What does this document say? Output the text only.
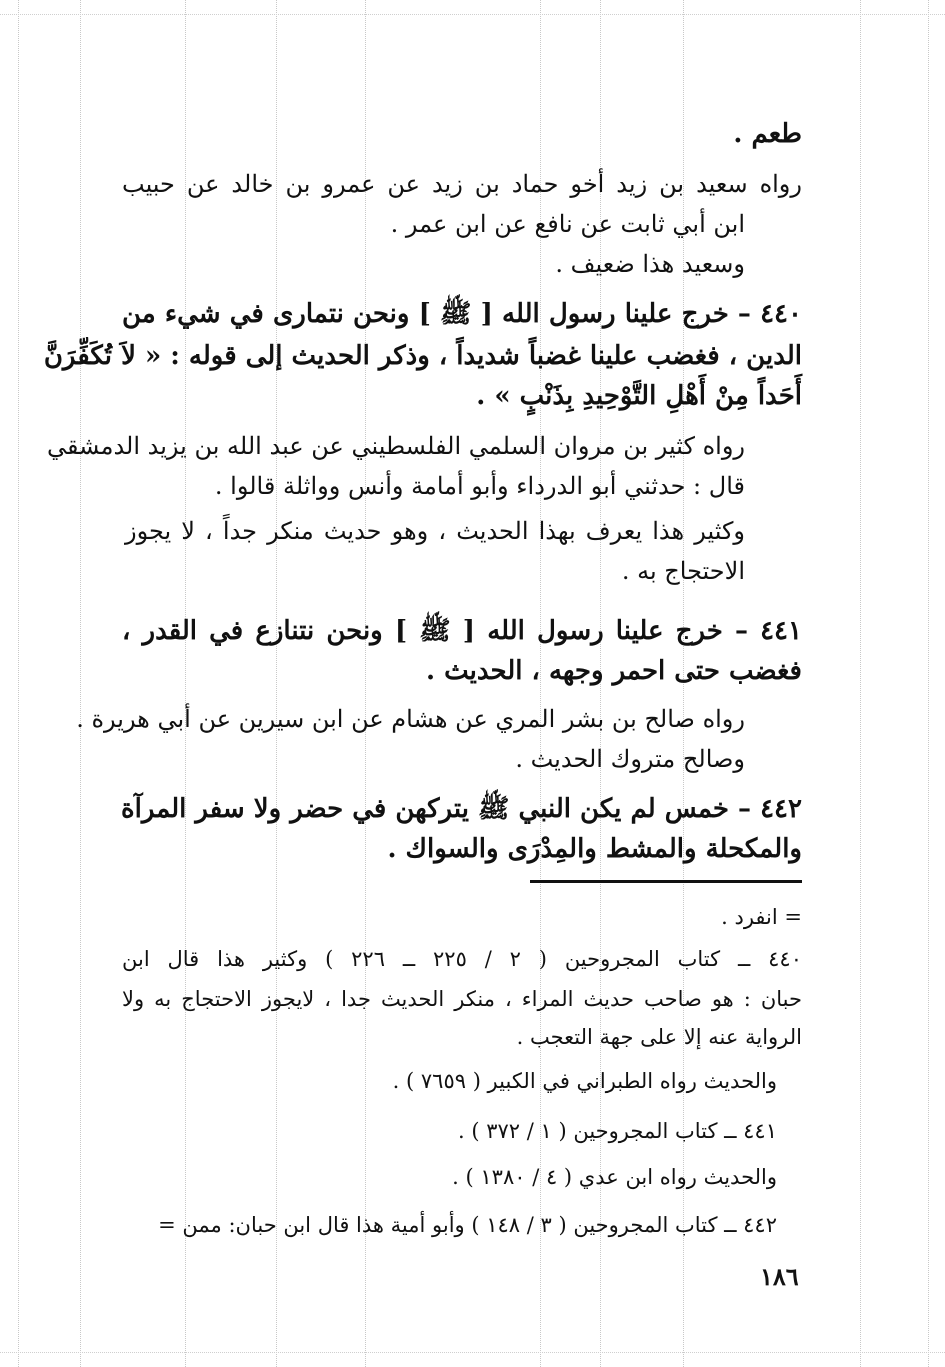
طعم .
رواه سعيد بن زيد أخو حماد بن زيد عن عمرو بن خالد عن حبيب
ابن أبي ثابت عن نافع عن ابن عمر .
وسعيد هذا ضعيف .
٤٤٠ – خرج علينا رسول الله [ ﷺ ] ونحن نتمارى في شيء من
الدين ، فغضب علينا غضباً شديداً ، وذكر الحديث إلى قوله : « لاَ تُكَفِّرَنَّ
أَحَداً مِنْ أَهْلِ التَّوْحِيدِ بِذَنْبٍ » .
رواه كثير بن مروان السلمي الفلسطيني عن عبد الله بن يزيد الدمشقي
قال : حدثني أبو الدرداء وأبو أمامة وأنس وواثلة قالوا .
وكثير هذا يعرف بهذا الحديث ، وهو حديث منكر جداً ، لا يجوز
الاحتجاج به .
٤٤١ – خرج علينا رسول الله [ ﷺ ] ونحن نتنازع في القدر ،
فغضب حتى احمر وجهه ، الحديث .
رواه صالح بن بشر المري عن هشام عن ابن سيرين عن أبي هريرة .
وصالح متروك الحديث .
٤٤٢ – خمس لم يكن النبي ﷺ يتركهن في حضر ولا سفر المرآة
والمكحلة والمشط والمِدْرَى والسواك .
= انفرد .
٤٤٠ ــ كتاب المجروحين ( ٢ / ٢٢٥ ــ ٢٢٦ ) وكثير هذا قال ابن
حبان : هو صاحب حديث المراء ، منكر الحديث جدا ، لايجوز الاحتجاج به ولا
الرواية عنه إلا على جهة التعجب .
والحديث رواه الطبراني في الكبير ( ٧٦٥٩ ) .
٤٤١ ــ كتاب المجروحين ( ١ / ٣٧٢ ) .
والحديث رواه ابن عدي ( ٤ / ١٣٨٠ ) .
٤٤٢ ــ كتاب المجروحين ( ٣ / ١٤٨ ) وأبو أمية هذا قال ابن حبان: ممن =
١٨٦
